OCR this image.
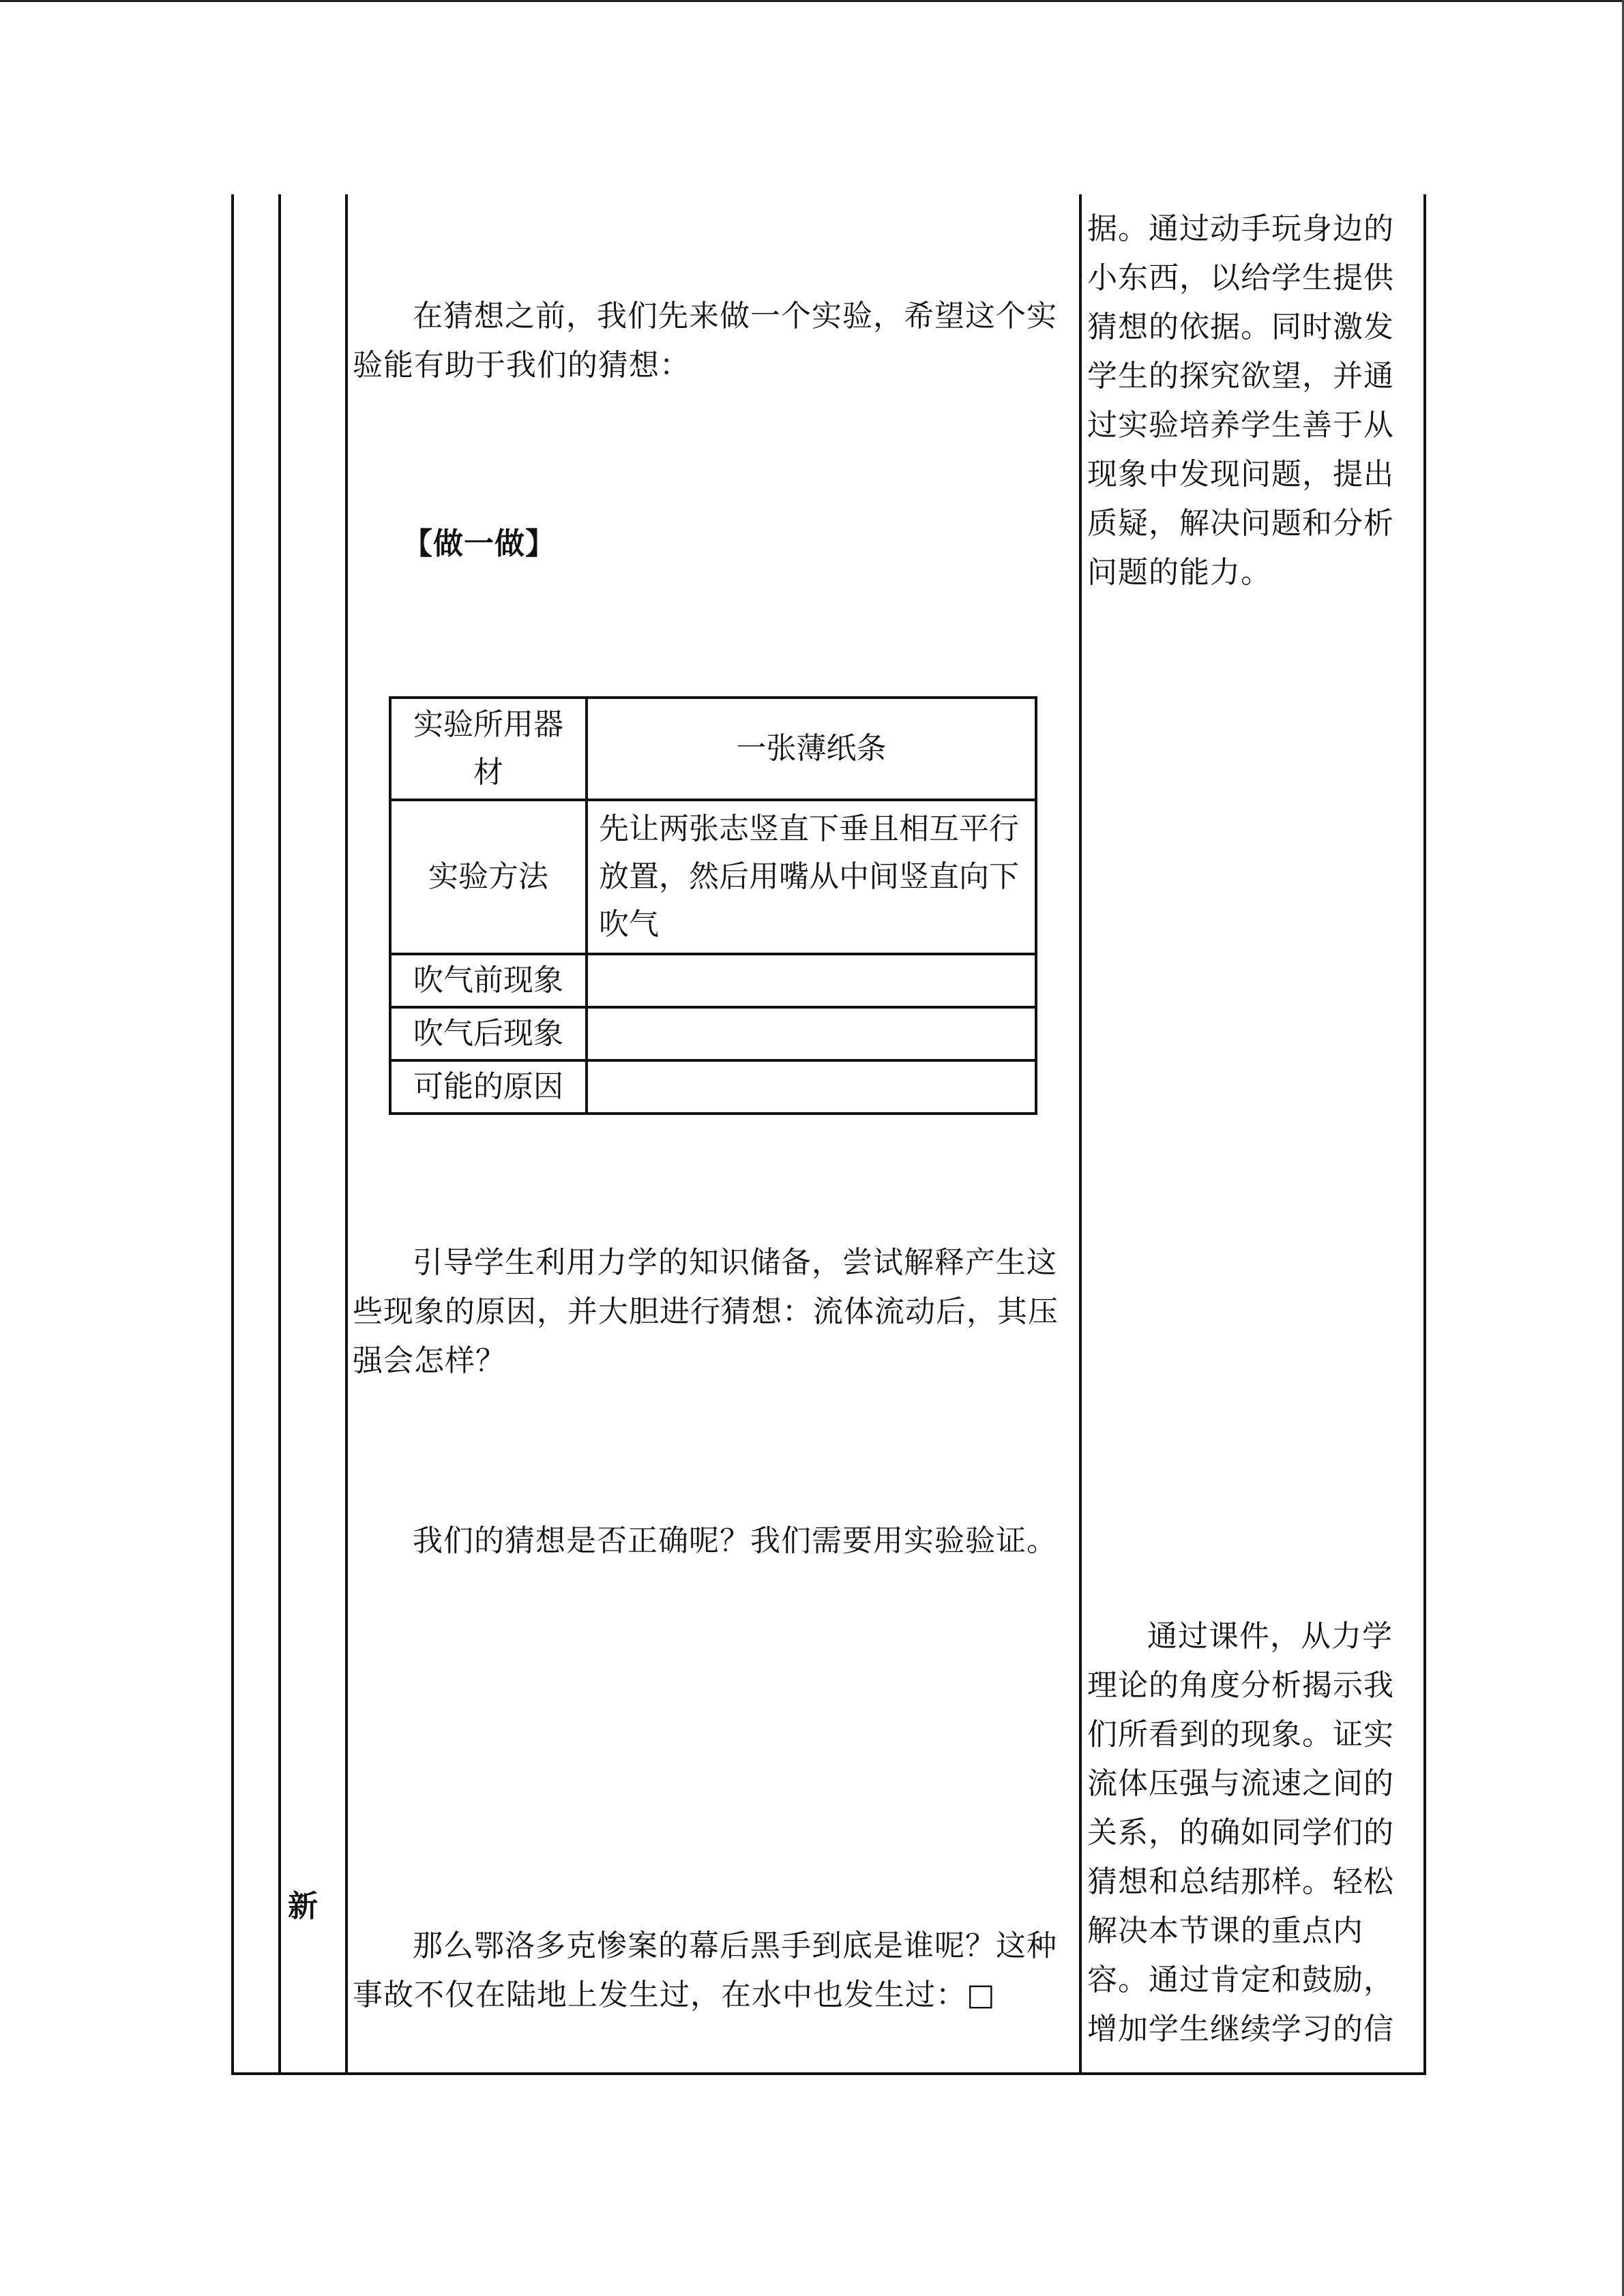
新
在猜想之前，我们先来做一个实验，希望这个实验能有助于我们的猜想：
【做一做】
实验所用器材	一张薄纸条
实验方法	先让两张志竖直下垂且相互平行放置，然后用嘴从中间竖直向下吹气
吹气前现象	
吹气后现象	
可能的原因	
引导学生利用力学的知识储备，尝试解释产生这些现象的原因，并大胆进行猜想：流体流动后，其压强会怎样？
我们的猜想是否正确呢？我们需要用实验验证。
那么鄂洛多克惨案的幕后黑手到底是谁呢？这种事故不仅在陆地上发生过，在水中也发生过：□
据。通过动手玩身边的小东西，以给学生提供猜想的依据。同时激发学生的探究欲望，并通过实验培养学生善于从现象中发现问题，提出质疑，解决问题和分析问题的能力。
通过课件，从力学理论的角度分析揭示我们所看到的现象。证实流体压强与流速之间的关系，的确如同学们的猜想和总结那样。轻松解决本节课的重点内容。通过肯定和鼓励，增加学生继续学习的信
